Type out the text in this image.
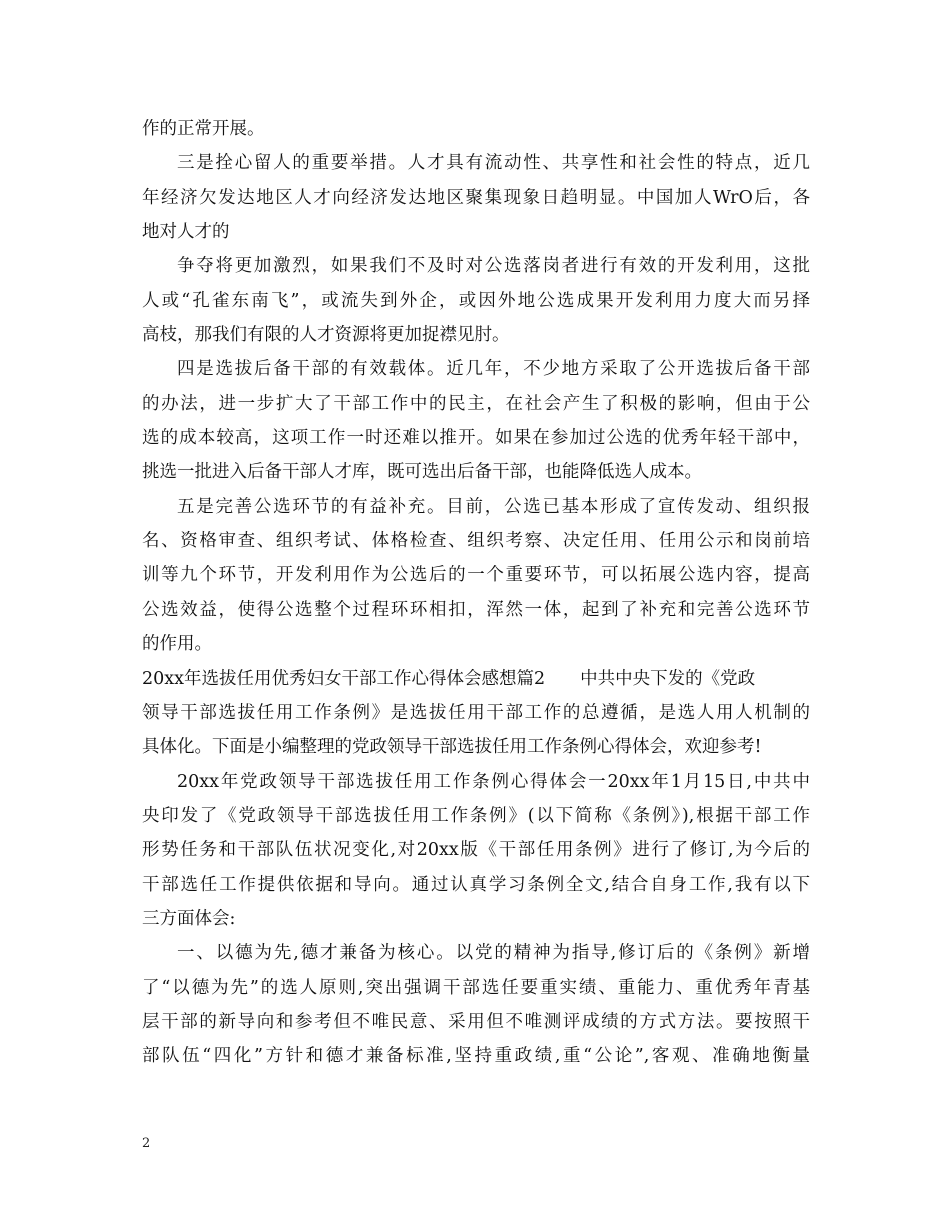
作的正常开展。
三是拴心留人的重要举措。人才具有流动性、共享性和社会性的特点，近几
年经济欠发达地区人才向经济发达地区聚集现象日趋明显。中国加人WrO后，各
地对人才的
争夺将更加激烈，如果我们不及时对公选落岗者进行有效的开发利用，这批
人或“孔雀东南飞”，或流失到外企，或因外地公选成果开发利用力度大而另择
高枝，那我们有限的人才资源将更加捉襟见肘。
四是选拔后备干部的有效载体。近几年，不少地方采取了公开选拔后备干部
的办法，进一步扩大了干部工作中的民主，在社会产生了积极的影响，但由于公
选的成本较高，这项工作一时还难以推开。如果在参加过公选的优秀年轻干部中，
挑选一批进入后备干部人才库，既可选出后备干部，也能降低选人成本。
五是完善公选环节的有益补充。目前，公选已基本形成了宣传发动、组织报
名、资格审查、组织考试、体格检查、组织考察、决定任用、任用公示和岗前培
训等九个环节，开发利用作为公选后的一个重要环节，可以拓展公选内容，提高
公选效益，使得公选整个过程环环相扣，浑然一体，起到了补充和完善公选环节
的作用。
20xx年选拔任用优秀妇女干部工作心得体会感想篇2　　中共中央下发的《党政
领导干部选拔任用工作条例》是选拔任用干部工作的总遵循，是选人用人机制的
具体化。下面是小编整理的党政领导干部选拔任用工作条例心得体会，欢迎参考!
20xx年党政领导干部选拔任用工作条例心得体会一20xx年1月15日,中共中
央印发了《党政领导干部选拔任用工作条例》(以下简称《条例》),根据干部工作
形势任务和干部队伍状况变化,对20xx版《干部任用条例》进行了修订,为今后的
干部选任工作提供依据和导向。通过认真学习条例全文,结合自身工作,我有以下
三方面体会:
一、以德为先,德才兼备为核心。以党的精神为指导,修订后的《条例》新增
了“以德为先”的选人原则,突出强调干部选任要重实绩、重能力、重优秀年青基
层干部的新导向和参考但不唯民意、采用但不唯测评成绩的方式方法。要按照干
部队伍“四化”方针和德才兼备标准,坚持重政绩,重“公论”,客观、准确地衡量
2
